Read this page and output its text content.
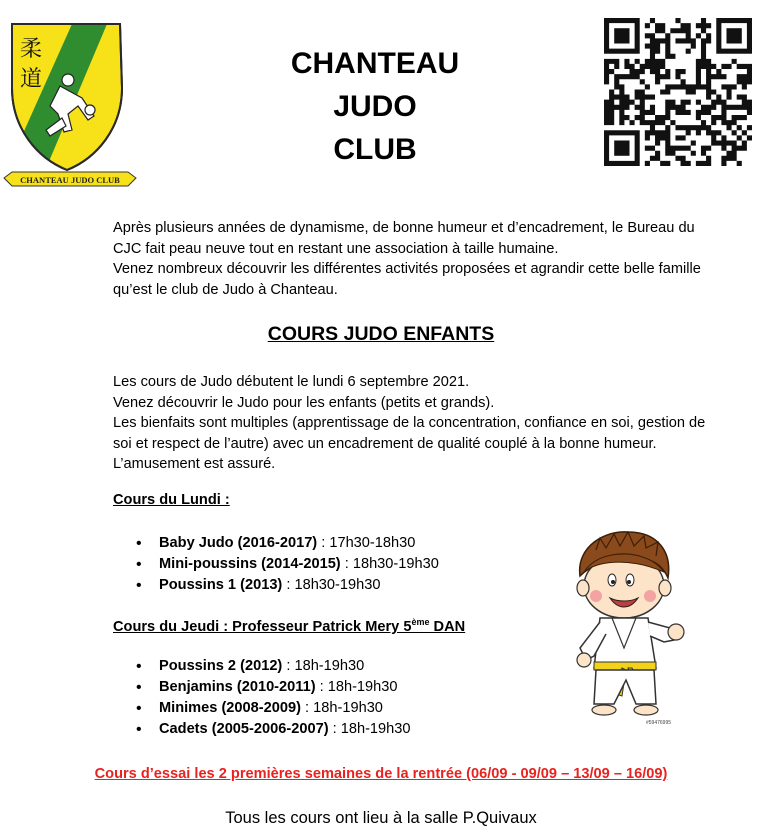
柔
道
CHANTEAU JUDO CLUB
CHANTEAU
JUDO
CLUB
Après plusieurs années de dynamisme, de bonne humeur et d’encadrement, le Bureau du
CJC fait peau neuve tout en restant une association à taille humaine.
Venez nombreux découvrir les différentes activités proposées et agrandir cette belle famille
qu’est le club de Judo à Chanteau.
COURS JUDO ENFANTS
Les cours de Judo débutent le lundi 6 septembre 2021.
Venez découvrir le Judo pour les enfants (petits et grands).
Les bienfaits sont multiples (apprentissage de la concentration, confiance en soi, gestion de
soi et respect de l’autre) avec un encadrement de qualité couplé à la bonne humeur.
L’amusement est assuré.
Cours du Lundi :
• Baby Judo (2016-2017) : 17h30-18h30
• Mini-poussins (2014-2015) : 18h30-19h30
• Poussins 1 (2013) : 18h30-19h30
Cours du Jeudi : Professeur Patrick Mery 5ème DAN
• Poussins 2 (2012) : 18h-19h30
• Benjamins (2010-2011) : 18h-19h30
• Minimes (2008-2009) : 18h-19h30
• Cadets (2005-2006-2007) : 18h-19h30	#59476995
Cours d’essai les 2 premières semaines de la rentrée (06/09 - 09/09 – 13/09 – 16/09)
Tous les cours ont lieu à la salle P.Quivaux
